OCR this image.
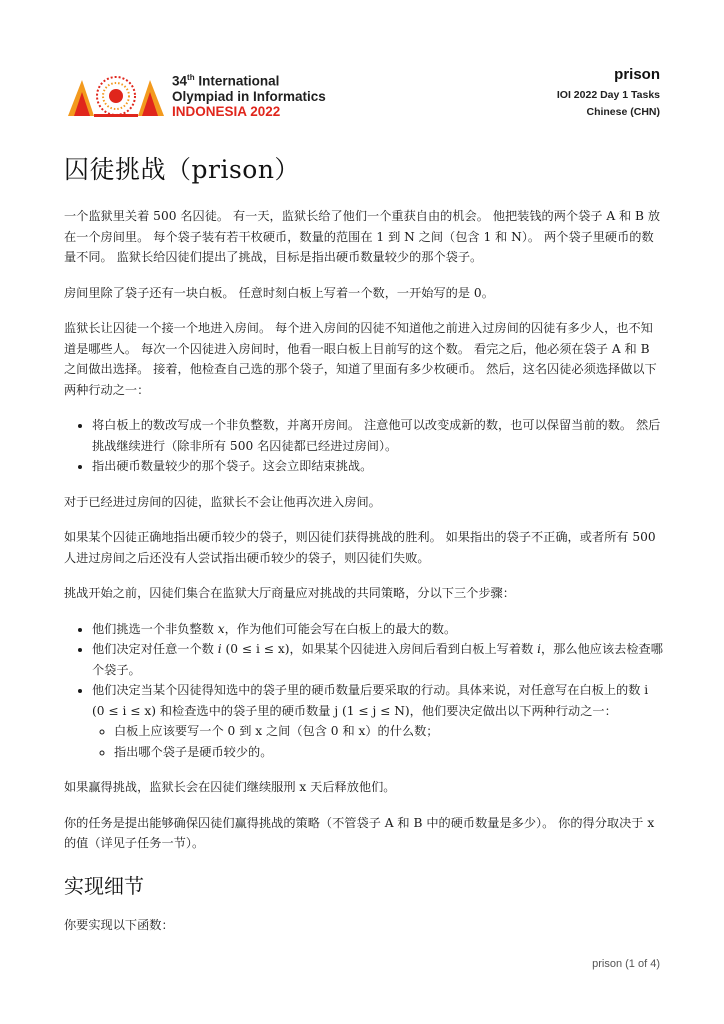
34th International
Olympiad in Informatics
INDONESIA 2022
prison
IOI 2022 Day 1 Tasks
Chinese (CHN)
囚徒挑战（prison）

一个监狱里关着 500 名囚徒。 有一天，监狱长给了他们一个重获自由的机会。 他把装钱的两个袋子 A 和 B 放在一个房间里。 每个袋子装有若干枚硬币，数量的范围在 1 到 N 之间（包含 1 和 N）。 两个袋子里硬币的数量不同。 监狱长给囚徒们提出了挑战，目标是指出硬币数量较少的那个袋子。

房间里除了袋子还有一块白板。 任意时刻白板上写着一个数，一开始写的是 0。

监狱长让囚徒一个接一个地进入房间。 每个进入房间的囚徒不知道他之前进入过房间的囚徒有多少人，也不知道是哪些人。 每次一个囚徒进入房间时，他看一眼白板上目前写的这个数。 看完之后，他必须在袋子 A 和 B 之间做出选择。 接着，他检查自己选的那个袋子，知道了里面有多少枚硬币。 然后，这名囚徒必须选择做以下两种行动之一：

• 将白板上的数改写成一个非负整数，并离开房间。 注意他可以改变成新的数，也可以保留当前的数。 然后挑战继续进行（除非所有 500 名囚徒都已经进过房间）。
• 指出硬币数量较少的那个袋子。这会立即结束挑战。

对于已经进过房间的囚徒，监狱长不会让他再次进入房间。

如果某个囚徒正确地指出硬币较少的袋子，则囚徒们获得挑战的胜利。 如果指出的袋子不正确，或者所有 500 人进过房间之后还没有人尝试指出硬币较少的袋子，则囚徒们失败。

挑战开始之前，囚徒们集合在监狱大厅商量应对挑战的共同策略，分以下三个步骤：

• 他们挑选一个非负整数 x，作为他们可能会写在白板上的最大的数。
• 他们决定对任意一个数 i (0 ≤ i ≤ x)，如果某个囚徒进入房间后看到白板上写着数 i，那么他应该去检查哪个袋子。
• 他们决定当某个囚徒得知选中的袋子里的硬币数量后要采取的行动。具体来说，对任意写在白板上的数 i (0 ≤ i ≤ x) 和检查选中的袋子里的硬币数量 j (1 ≤ j ≤ N)，他们要决定做出以下两种行动之一：
◦ 白板上应该要写一个 0 到 x 之间（包含 0 和 x）的什么数；
◦ 指出哪个袋子是硬币较少的。

如果赢得挑战，监狱长会在囚徒们继续服刑 x 天后释放他们。

你的任务是提出能够确保囚徒们赢得挑战的策略（不管袋子 A 和 B 中的硬币数量是多少）。 你的得分取决于 x 的值（详见子任务一节）。

实现细节

你要实现以下函数：

prison (1 of 4)
